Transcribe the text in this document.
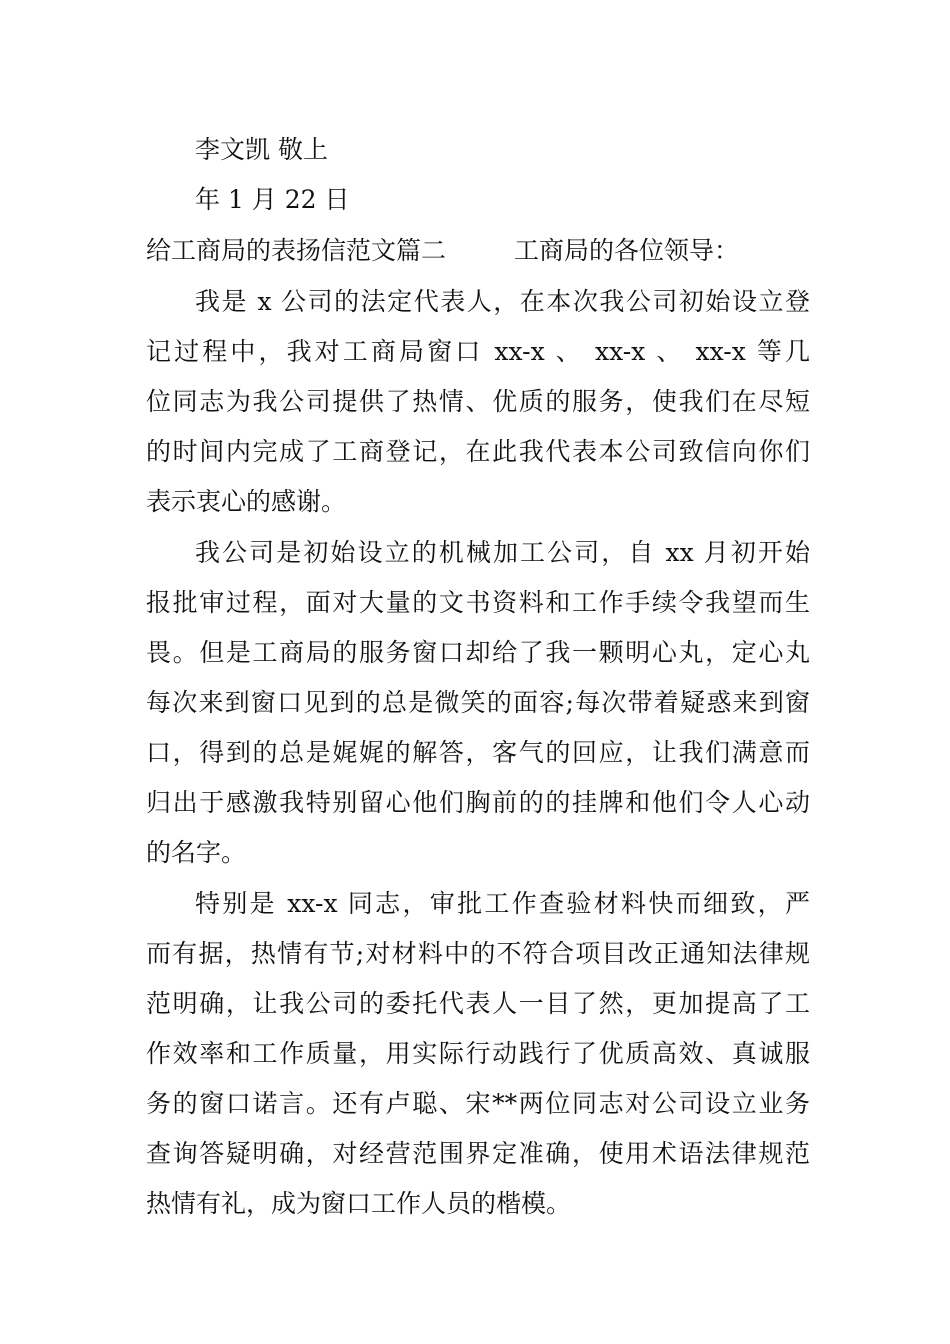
李文凯 敬上
年 1 月 22 日
给工商局的表扬信范文篇二	工商局的各位领导：
我是 x 公司的法定代表人，在本次我公司初始设立登
记过程中，我对工商局窗口 xx-x 、 xx-x 、 xx-x 等几
位同志为我公司提供了热情、优质的服务，使我们在尽短
的时间内完成了工商登记，在此我代表本公司致信向你们
表示衷心的感谢。
我公司是初始设立的机械加工公司，自 xx 月初开始
报批审过程，面对大量的文书资料和工作手续令我望而生
畏。但是工商局的服务窗口却给了我一颗明心丸，定心丸
每次来到窗口见到的总是微笑的面容;每次带着疑惑来到窗
口，得到的总是娓娓的解答，客气的回应，让我们满意而
归出于感激我特别留心他们胸前的的挂牌和他们令人心动
的名字。
特别是 xx-x 同志，审批工作查验材料快而细致，严
而有据，热情有节;对材料中的不符合项目改正通知法律规
范明确，让我公司的委托代表人一目了然，更加提高了工
作效率和工作质量，用实际行动践行了优质高效、真诚服
务的窗口诺言。还有卢聪、宋**两位同志对公司设立业务
查询答疑明确，对经营范围界定准确，使用术语法律规范
热情有礼，成为窗口工作人员的楷模。
